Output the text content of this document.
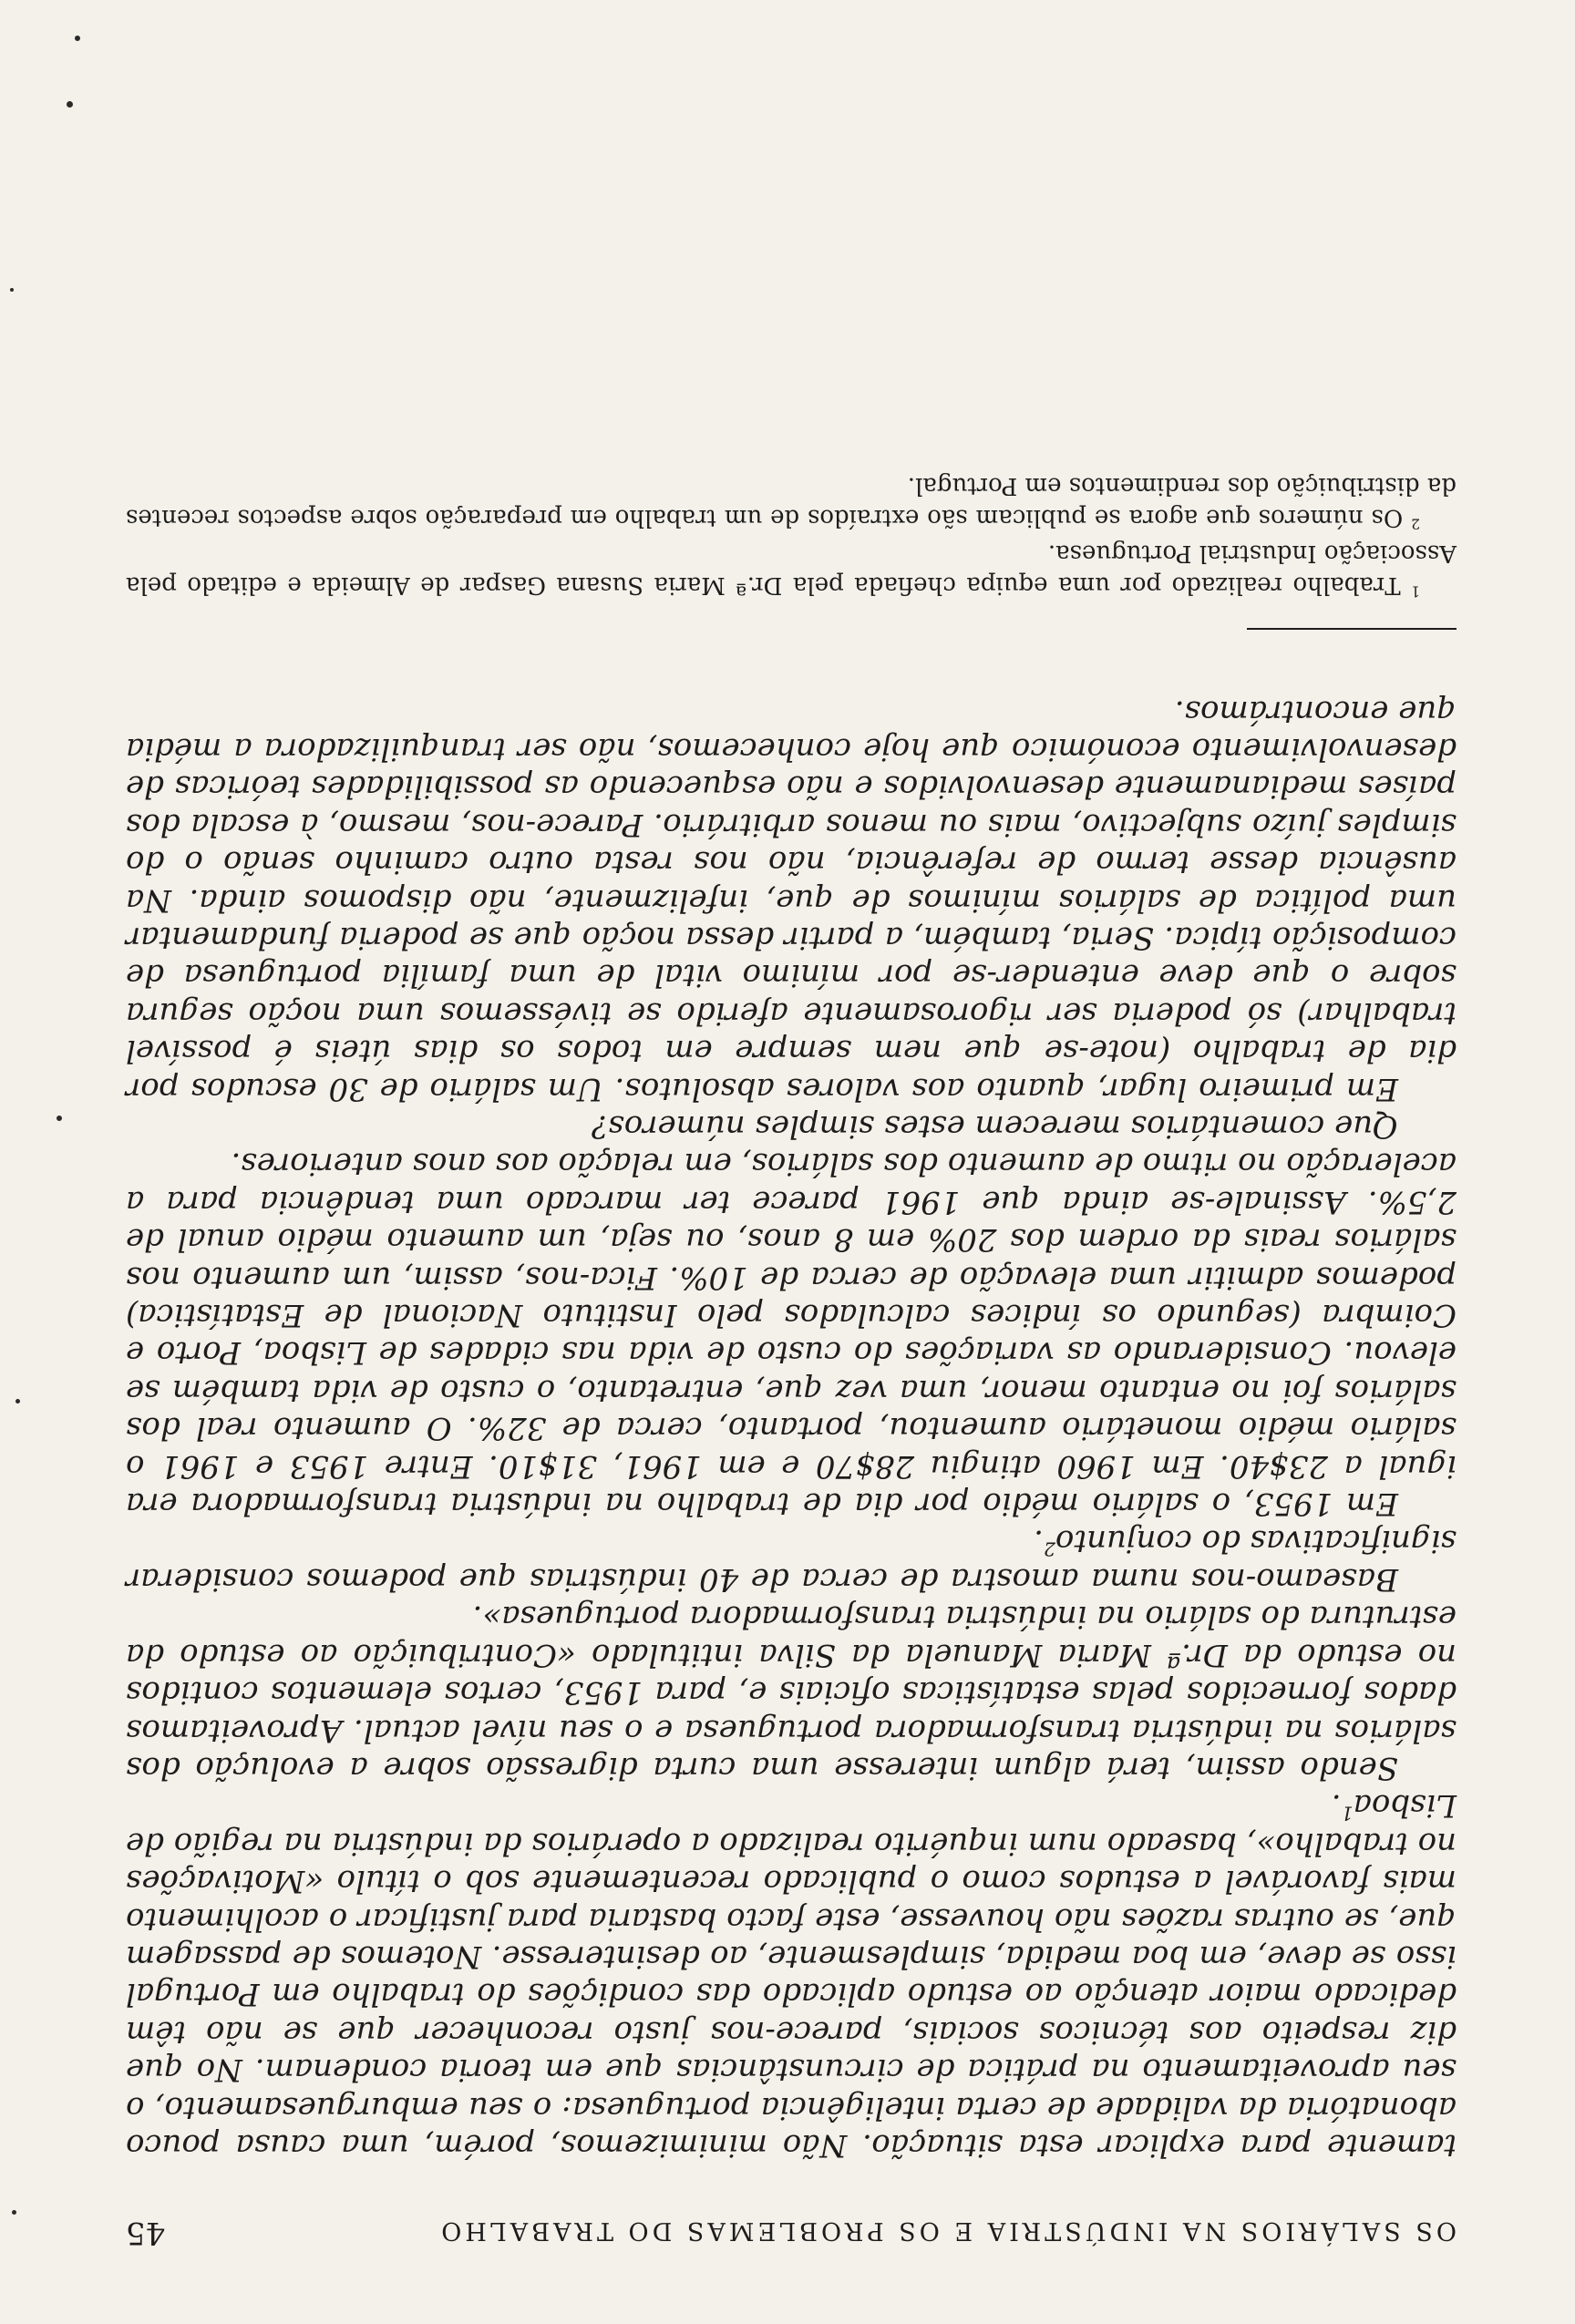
OS SALÁRIOS NA INDÚSTRIA E OS PROBLEMAS DO TRABALHO
45

tamente para explicar esta situação. Não minimizemos, porém, uma causa pouco abonatória da validade de certa inteligência portuguesa: o seu emburguesamento, o seu aproveitamento na prática de circunstâncias que em teoria condenam. No que diz respeito aos técnicos sociais, parece-nos justo reconhecer que se não têm dedicado maior atenção ao estudo aplicado das condições do trabalho em Portugal isso se deve, em boa medida, simplesmente, ao desinteresse. Notemos de passagem que, se outras razões não houvesse, este facto bastaria para justificar o acolhimento mais favorável a estudos como o publicado recentemente sob o título «Motivações no trabalho», baseado num inquérito realizado a operários da indústria na região de Lisboa$^1$.

Sendo assim, terá algum interesse uma curta digressão sobre a evolução dos salários na indústria transformadora portuguesa e o seu nível actual. Aproveitamos dados fornecidos pelas estatísticas oficiais e, para 1953, certos elementos contidos no estudo da Dr.ª Maria Manuela da Silva intitulado «Contribuição ao estudo da estrutura do salário na indústria transformadora portuguesa».

Baseamo-nos numa amostra de cerca de 40 indústrias que podemos considerar significativas do conjunto$^2$.

Em 1953, o salário médio por dia de trabalho na indústria transformadora era igual a 23$40. Em 1960 atingiu 28$70 e em 1961, 31$10. Entre 1953 e 1961 o salário médio monetário aumentou, portanto, cerca de 32%. O aumento real dos salários foi no entanto menor, uma vez que, entretanto, o custo de vida também se elevou. Considerando as variações do custo de vida nas cidades de Lisboa, Porto e Coimbra (segundo os índices calculados pelo Instituto Nacional de Estatística) podemos admitir uma elevação de cerca de 10%. Fica-nos, assim, um aumento nos salários reais da ordem dos 20% em 8 anos, ou seja, um aumento médio anual de 2,5%. Assinale-se ainda que 1961 parece ter marcado uma tendência para a aceleração no ritmo de aumento dos salários, em relação aos anos anteriores.

Que comentários merecem estes simples números?

Em primeiro lugar, quanto aos valores absolutos. Um salário de 30 escudos por dia de trabalho (note-se que nem sempre em todos os dias úteis é possível trabalhar) só poderia ser rigorosamente aferido se tivéssemos uma noção segura sobre o que deve entender-se por mínimo vital de uma família portuguesa de composição típica. Seria, também, a partir dessa noção que se poderia fundamentar uma política de salários mínimos de que, infelizmente, não dispomos ainda. Na ausência desse termo de referência, não nos resta outro caminho senão o do simples juízo subjectivo, mais ou menos arbitrário. Parece-nos, mesmo, à escala dos países medianamente desenvolvidos e não esquecendo as possibilidades teóricas de desenvolvimento económico que hoje conhecemos, não ser tranquilizadora a média que encontrámos.

$^1$ Trabalho realizado por uma equipa chefiada pela Dr.ª Maria Susana Gaspar de Almeida e editado pela Associação Industrial Portuguesa.

$^2$ Os números que agora se publicam são extraídos de um trabalho em preparação sobre aspectos recentes da distribuição dos rendimentos em Portugal.
